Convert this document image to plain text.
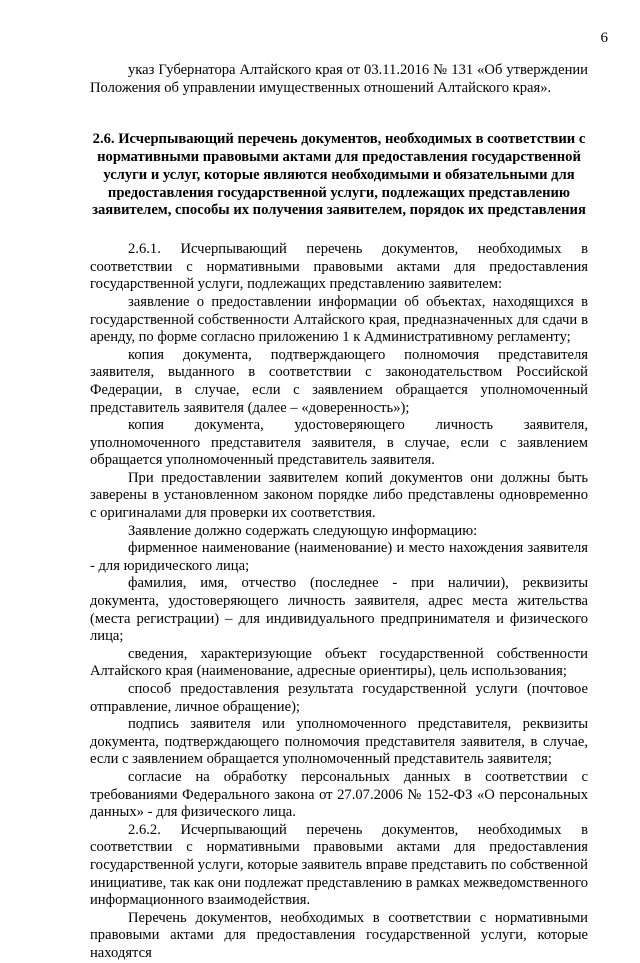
6

указ Губернатора Алтайского края от 03.11.2016 № 131 «Об утверждении Положения об управлении имущественных отношений Алтайского края».

2.6. Исчерпывающий перечень документов, необходимых в соответствии с нормативными правовыми актами для предоставления государственной услуги и услуг, которые являются необходимыми и обязательными для предоставления государственной услуги, подлежащих представлению заявителем, способы их получения заявителем, порядок их представления

2.6.1. Исчерпывающий перечень документов, необходимых в соответствии с нормативными правовыми актами для предоставления государственной услуги, подлежащих представлению заявителем:

заявление о предоставлении информации об объектах, находящихся в государственной собственности Алтайского края, предназначенных для сдачи в аренду, по форме согласно приложению 1 к Административному регламенту;

копия документа, подтверждающего полномочия представителя заявителя, выданного в соответствии с законодательством Российской Федерации, в случае, если с заявлением обращается уполномоченный представитель заявителя (далее – «доверенность»);

копия документа, удостоверяющего личность заявителя, уполномоченного представителя заявителя, в случае, если с заявлением обращается уполномоченный представитель заявителя.

При предоставлении заявителем копий документов они должны быть заверены в установленном законом порядке либо представлены одновременно с оригиналами для проверки их соответствия.

Заявление должно содержать следующую информацию:

фирменное наименование (наименование) и место нахождения заявителя - для юридического лица;

фамилия, имя, отчество (последнее - при наличии), реквизиты документа, удостоверяющего личность заявителя, адрес места жительства (места регистрации) – для индивидуального предпринимателя и физического лица;

сведения, характеризующие объект государственной собственности Алтайского края (наименование, адресные ориентиры), цель использования;

способ предоставления результата государственной услуги (почтовое отправление, личное обращение);

подпись заявителя или уполномоченного представителя, реквизиты документа, подтверждающего полномочия представителя заявителя, в случае, если с заявлением обращается уполномоченный представитель заявителя;

согласие на обработку персональных данных в соответствии с требованиями Федерального закона от 27.07.2006 № 152-ФЗ «О персональных данных» - для физического лица.

2.6.2. Исчерпывающий перечень документов, необходимых в соответствии с нормативными правовыми актами для предоставления государственной услуги, которые заявитель вправе представить по собственной инициативе, так как они подлежат представлению в рамках межведомственного информационного взаимодействия.

Перечень документов, необходимых в соответствии с нормативными правовыми актами для предоставления государственной услуги, которые находятся
